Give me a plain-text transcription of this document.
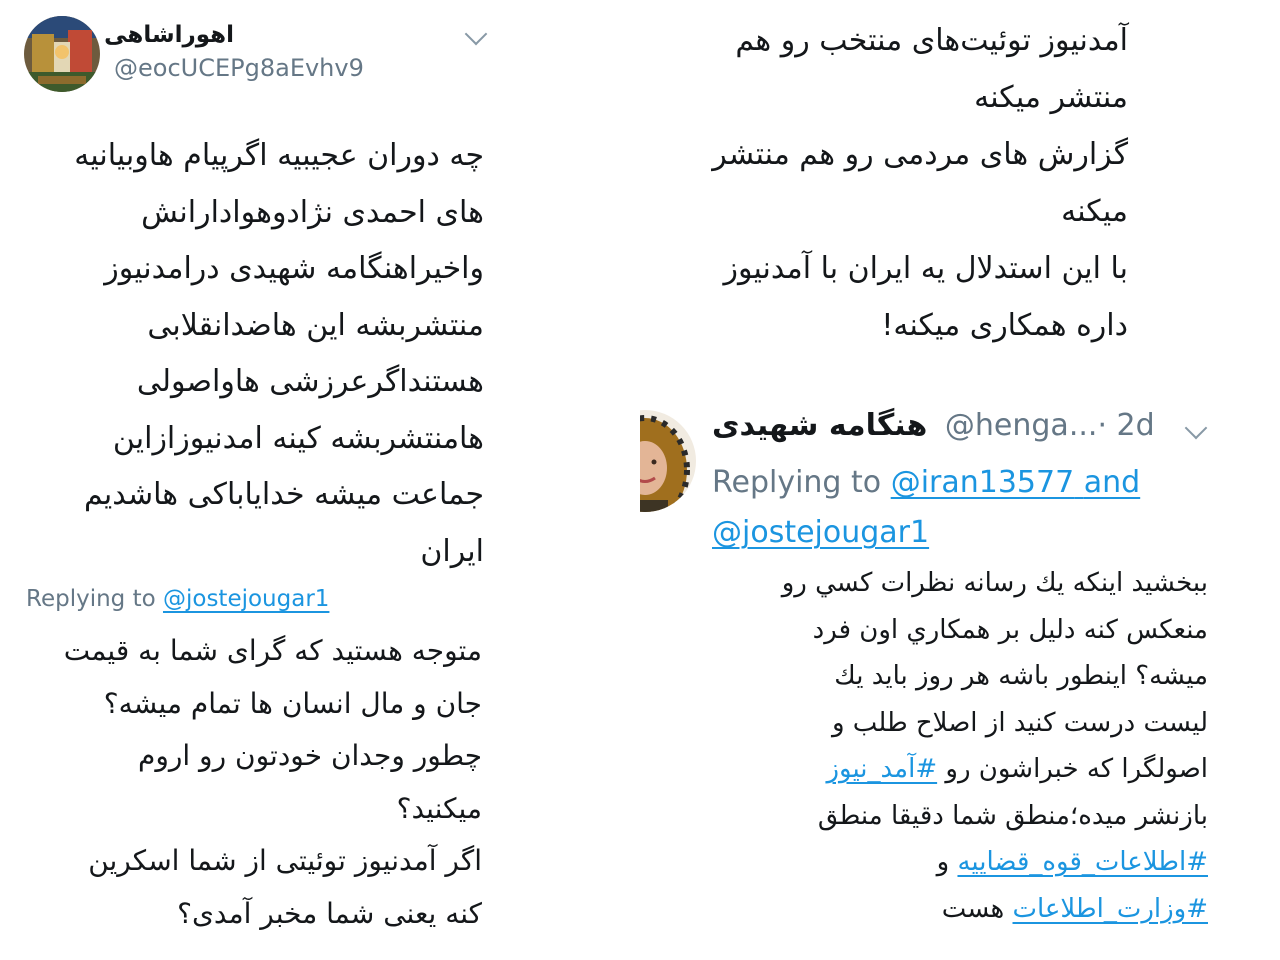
اهوراشاهی
@eocUCEPg8aEvhv9
چه دوران عجیبیه اگرپیام هاوبیانیه
های احمدی نژادوهوادارانش
واخیراهنگامه شهیدی درامدنیوز
منتشربشه این هاضدانقلابی
هستنداگرعرزشی هاواصولی
هامنتشربشه کینه امدنیوزازاین
جماعت میشه خدایاباکی هاشدیم
ایران
Replying to @jostejougar1
متوجه هستید که گرای شما به قیمت
جان و مال انسان ها تمام میشه؟
چطور وجدان خودتون رو اروم
میکنید؟
اگر آمدنیوز توئیتی از شما اسکرین
کنه یعنی شما مخبر آمدی؟
آمدنیوز توئیت‌های منتخب رو هم
منتشر میکنه
گزارش های مردمی رو هم منتشر
میکنه
با این استدلال یه ایران با آمدنیوز
داره همکاری میکنه!
هنگامه شهیدی @henga...· 2d
Replying to @iran13577 and
@jostejougar1
ببخشيد اينكه يك رسانه نظرات كسي رو
منعكس كنه دليل بر همكاري اون فرد
ميشه؟ اينطور باشه هر روز بايد يك
ليست درست كنيد از اصلاح طلب و
اصولگرا كه خبراشون رو #آمد_نیوز
بازنشر ميده؛منطق شما دقيقا منطق
#اطلاعات_قوه_قضاییه و
#وزارت_اطلاعات هست
